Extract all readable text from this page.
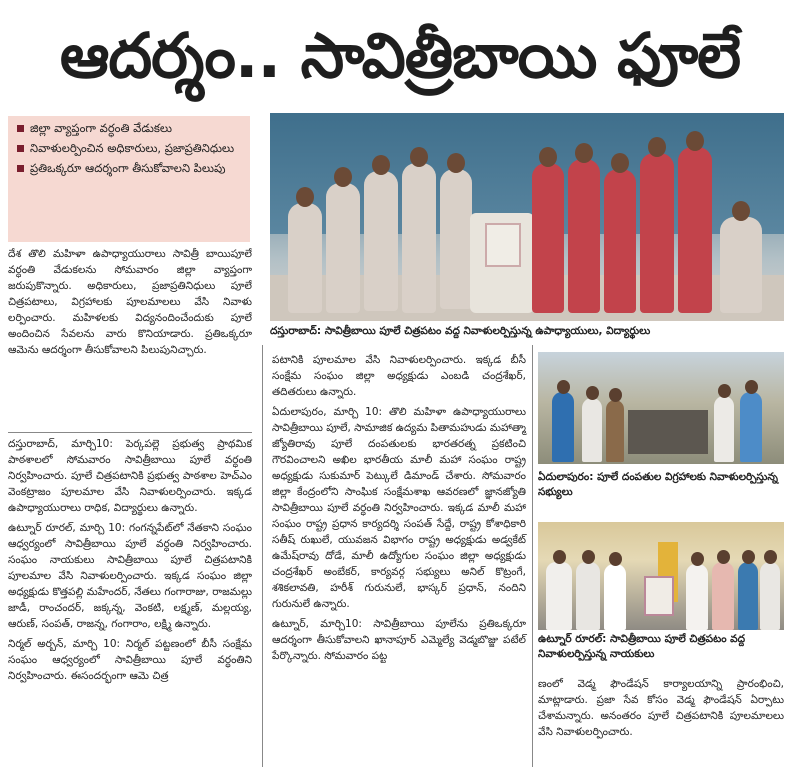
ఆదర్శం.. సావిత్రీబాయి ఫూలే
జిల్లా వ్యాప్తంగా వర్ధంతి వేడుకలు
నివాళులర్పించిన అధికారులు, ప్రజాప్రతినిధులు
ప్రతిఒక్కరూ ఆదర్శంగా తీసుకోవాలని పిలుపు
దస్తురాబాద్: సావిత్రీబాయి పూలే చిత్రపటం వద్ద నివాళులర్పిస్తున్న ఉపాధ్యాయులు, విద్యార్థులు
ఏదులాపురం: పూలే దంపతుల విగ్రహాలకు నివాళులర్పిస్తున్న సభ్యులు
ఉట్నూర్ రూరల్: సావిత్రీబాయి పూలే చిత్రపటం వద్ద నివాళులర్పిస్తున్న నాయకులు

దేశ తొలి మహిళా ఉపాధ్యాయురాలు సావిత్రీ బాయిపూలే వర్ధంతి వేడుకలను సోమవారం జిల్లా వ్యాప్తంగా జరుపుకొన్నారు. అధికారులు, ప్రజాప్రతినిధులు పూలే చిత్రపటాలు, విగ్రహాలకు పూలమాలలు వేసి నివాళు లర్పించారు. మహిళలకు విద్యనందించేందుకు పూలే అందించిన సేవలను వారు కొనియాడారు. ప్రతిఒక్కరూ ఆమెను ఆదర్శంగా తీసుకోవాలని పిలుపునిచ్చారు.

దస్తురాబాద్, మార్చి10: పెర్కపల్లె ప్రభుత్వ ప్రాథమిక పాఠశాలలో సోమవారం సావిత్రీబాయి పూలే వర్ధంతి నిర్వహించారు. పూలే చిత్రపటానికి ప్రభుత్వ పాఠశాల హెచ్ఎం వెంకట్రాజం పూలమాల వేసి నివాళులర్పించారు. ఇక్కడ ఉపాధ్యాయురాలు రాధిక, విద్యార్థులు ఉన్నారు.

ఉట్నూర్ రూరల్, మార్చి 10: గంగన్నపేట్‌లో నేతకాని సంఘం ఆధ్వర్యంలో సావిత్రీబాయి పూలే వర్ధంతి నిర్వహించారు. సంఘం నాయకులు సావిత్రీబాయి పూలే చిత్రపటానికి పూలమాల వేసి నివాళులర్పించారు. ఇక్కడ సంఘం జిల్లా అధ్యక్షుడు కొత్తపల్లి మహేందర్, నేతలు గంగారాజు, రాజమల్లు జాడీ, రాంచందర్, జక్కన్న, వెంకటి, లక్ష్మణ్, మల్లయ్య, ఆరుణ్, సంపత్, రాజన్న, గంగారాం, లక్ష్మి ఉన్నారు.

నిర్మల్ అర్బన్, మార్చి 10: నిర్మల్ పట్టణంలో బీసీ సంక్షేమ సంఘం ఆధ్వర్యంలో సావిత్రీబాయి పూలే వర్ధంతిని నిర్వహించారు. ఈసందర్భంగా ఆమె చిత్ర

పటానికి పూలమాల వేసి నివాళులర్పించారు. ఇక్కడ బీసీ సంక్షేమ సంఘం జిల్లా అధ్యక్షుడు ఎంబడి చంద్రశేఖర్, తదితరులు ఉన్నారు.

ఏదులాపురం, మార్చి 10: తొలి మహిళా ఉపాధ్యాయురాలు సావిత్రీబాయి పూలే, సామాజిక ఉద్యమ పితామహుడు మహాత్మా జ్యోతిరావు పూలే దంపతులకు భారతరత్న ప్రకటించి గౌరవించాలని అఖిల భారతీయ మాలీ మహా సంఘం రాష్ట్ర అధ్యక్షుడు సుకుమార్ పెట్కులే డిమాండ్ చేశారు. సోమవారం జిల్లా కేంద్రంలోని సాంఘిక సంక్షేమశాఖ ఆవరణలో జ్ఞానజ్యోతి సావిత్రీబాయి పూలే వర్ధంతి నిర్వహించారు. ఇక్కడ మాలీ మహా సంఘం రాష్ట్ర ప్రధాన కార్యదర్శి సంపత్ సేద్దే, రాష్ట్ర కోశాధికారి సతీష్ రుఖులే, యువజన విభాగం రాష్ట్ర అధ్యక్షుడు అడ్వకేట్ ఉమేష్‌రావు దోడే, మాలీ ఉద్యోగుల సంఘం జిల్లా అధ్యక్షుడు చంద్రశేఖర్ అంబేకర్, కార్యవర్గ సభ్యులు అనిల్ కొట్రంగే, శశికలావతి, హరీశ్ గురునులే, భాస్కర్ ప్రధాన్, నందిని గురునులే ఉన్నారు.

ఉట్నూర్, మార్చి10: సావిత్రీబాయి పూలేను ప్రతిఒక్కరూ ఆదర్శంగా తీసుకోవాలని ఖానాపూర్ ఎమ్మెల్యే వెడ్మబొజ్జు పటేల్ పేర్కొన్నారు. సోమవారం పట్ట

ణంలో వెడ్మ ఫౌండేషన్ కార్యాలయాన్ని ప్రారంభించి, మాట్లాడారు. ప్రజా సేవ కోసం వెడ్మ ఫౌండేషన్ ఏర్పాటు చేశామన్నారు. అనంతరం పూలే చిత్రపటానికి పూలమాలలు వేసి నివాళులర్పించారు.
